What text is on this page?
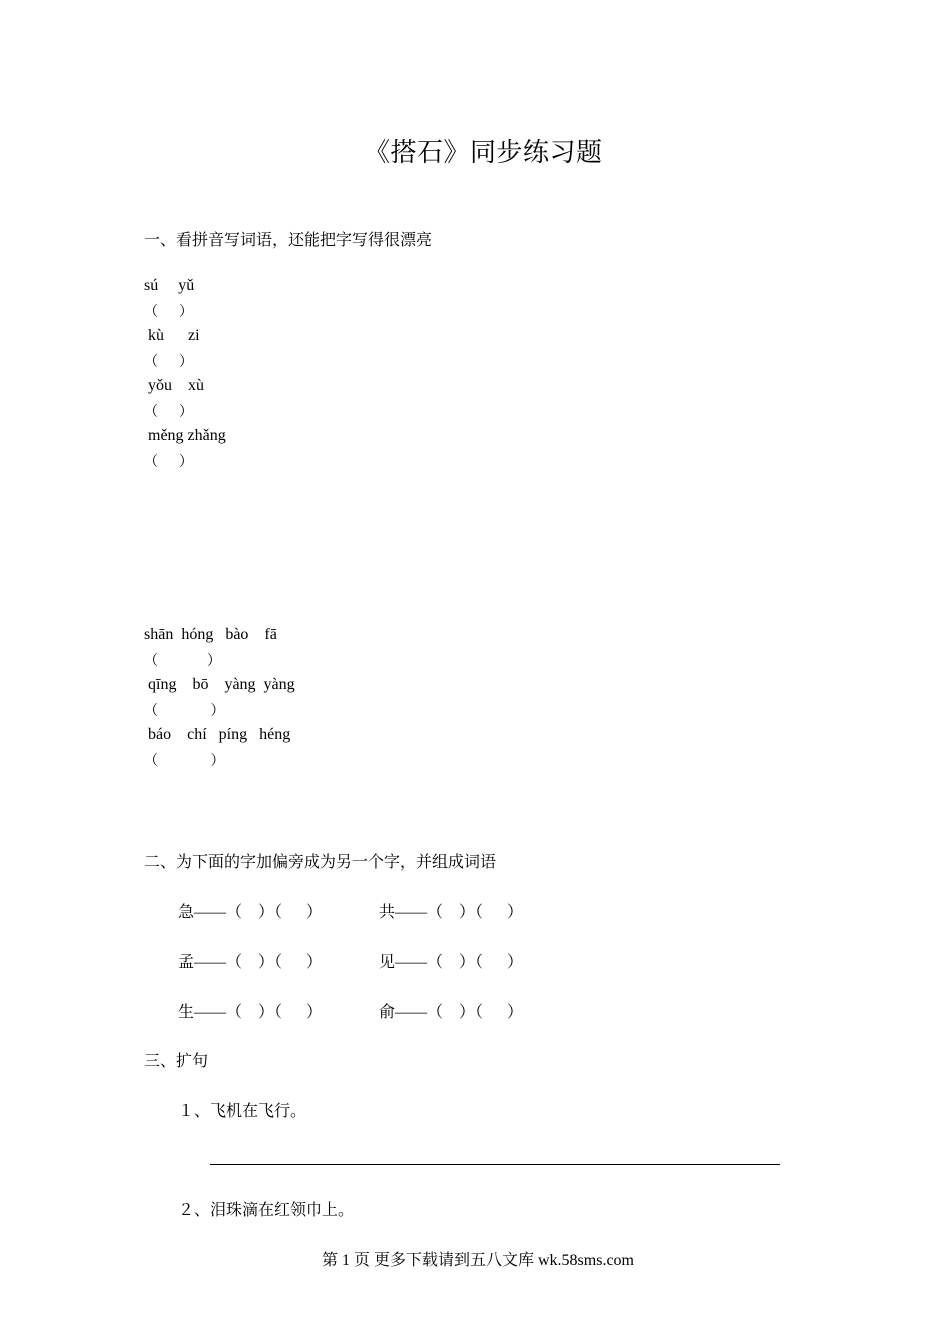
《搭石》同步练习题
一、看拼音写词语，还能把字写得很漂亮
sú     yǔ
（      ）
kù      zi
（      ）
yǒu    xù
（      ）
měng zhǎng
（      ）
shān  hóng   bào    fā
（              ）
qīng    bō    yàng  yàng
（               ）
báo    chí   píng   héng
（               ）
二、为下面的字加偏旁成为另一个字，并组成词语
急——（    ）（      ）	共——（    ）（      ）
孟——（    ）（      ）	见——（    ）（      ）
生——（    ）（      ）	俞——（    ）（      ）
三、扩句
１、飞机在飞行。
２、泪珠滴在红领巾上。
第 1 页 更多下载请到五八文库 wk.58sms.com
